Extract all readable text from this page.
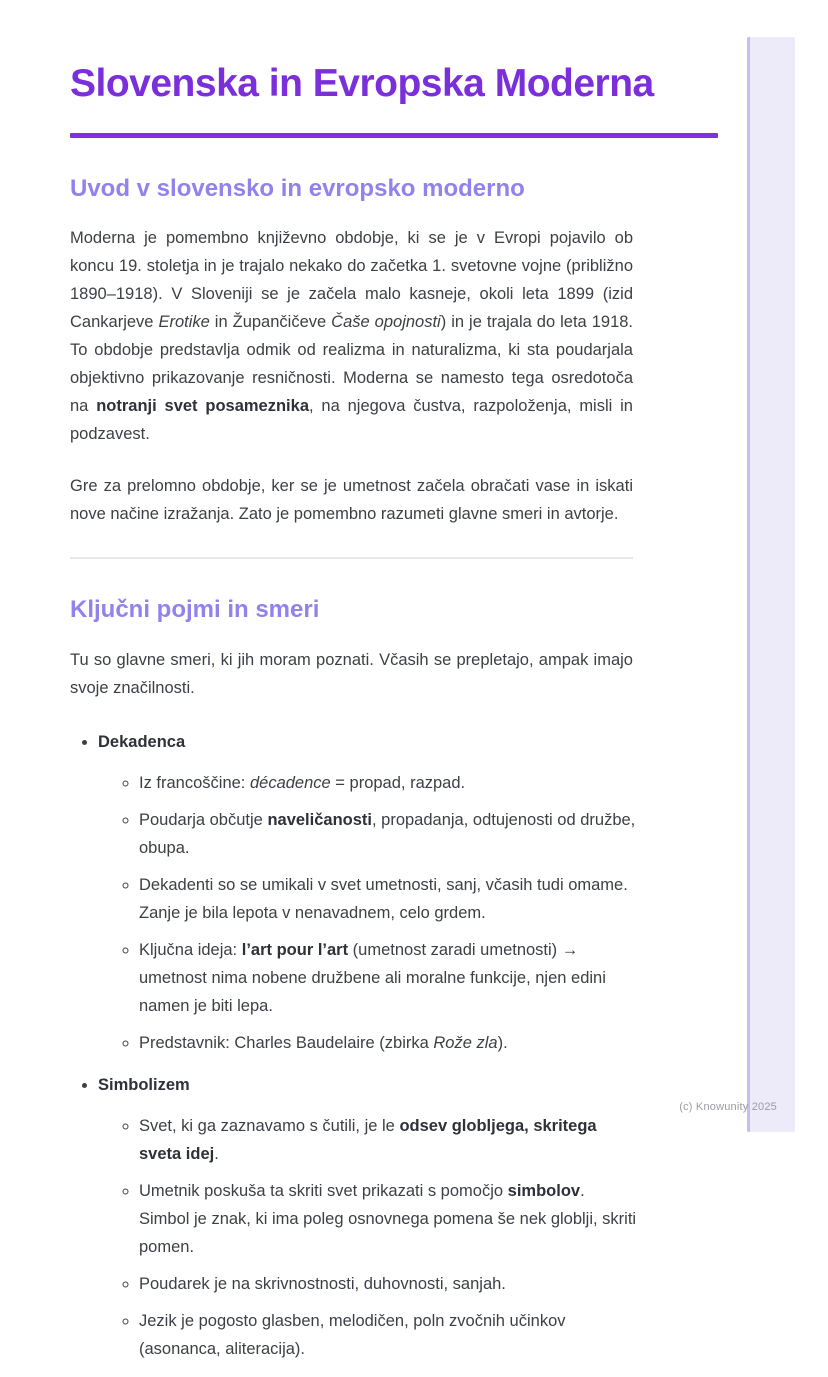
(c) Knowunity 2025
Slovenska in Evropska Moderna
Uvod v slovensko in evropsko moderno

Moderna je pomembno književno obdobje, ki se je v Evropi pojavilo ob koncu 19. stoletja in je trajalo nekako do začetka 1. svetovne vojne (približno 1890–1918). V Sloveniji se je začela malo kasneje, okoli leta 1899 (izid Cankarjeve Erotike in Župančičeve Čaše opojnosti) in je trajala do leta 1918. To obdobje predstavlja odmik od realizma in naturalizma, ki sta poudarjala objektivno prikazovanje resničnosti. Moderna se namesto tega osredotoča na notranji svet posameznika, na njegova čustva, razpoloženja, misli in podzavest.

Gre za prelomno obdobje, ker se je umetnost začela obračati vase in iskati nove načine izražanja. Zato je pomembno razumeti glavne smeri in avtorje.

Ključni pojmi in smeri

Tu so glavne smeri, ki jih moram poznati. Včasih se prepletajo, ampak imajo svoje značilnosti.

• Dekadenca
◦ Iz francoščine: décadence = propad, razpad.
◦ Poudarja občutje naveličanosti, propadanja, odtujenosti od družbe, obupa.
◦ Dekadenti so se umikali v svet umetnosti, sanj, včasih tudi omame. Zanje je bila lepota v nenavadnem, celo grdem.
◦ Ključna ideja: l’art pour l’art (umetnost zaradi umetnosti) → umetnost nima nobene družbene ali moralne funkcije, njen edini namen je biti lepa.
◦ Predstavnik: Charles Baudelaire (zbirka Rože zla).
• Simbolizem
◦ Svet, ki ga zaznavamo s čutili, je le odsev globljega, skritega sveta idej.
◦ Umetnik poskuša ta skriti svet prikazati s pomočjo simbolov. Simbol je znak, ki ima poleg osnovnega pomena še nek globlji, skriti pomen.
◦ Poudarek je na skrivnostnosti, duhovnosti, sanjah.
◦ Jezik je pogosto glasben, melodičen, poln zvočnih učinkov (asonanca, aliteracija).
